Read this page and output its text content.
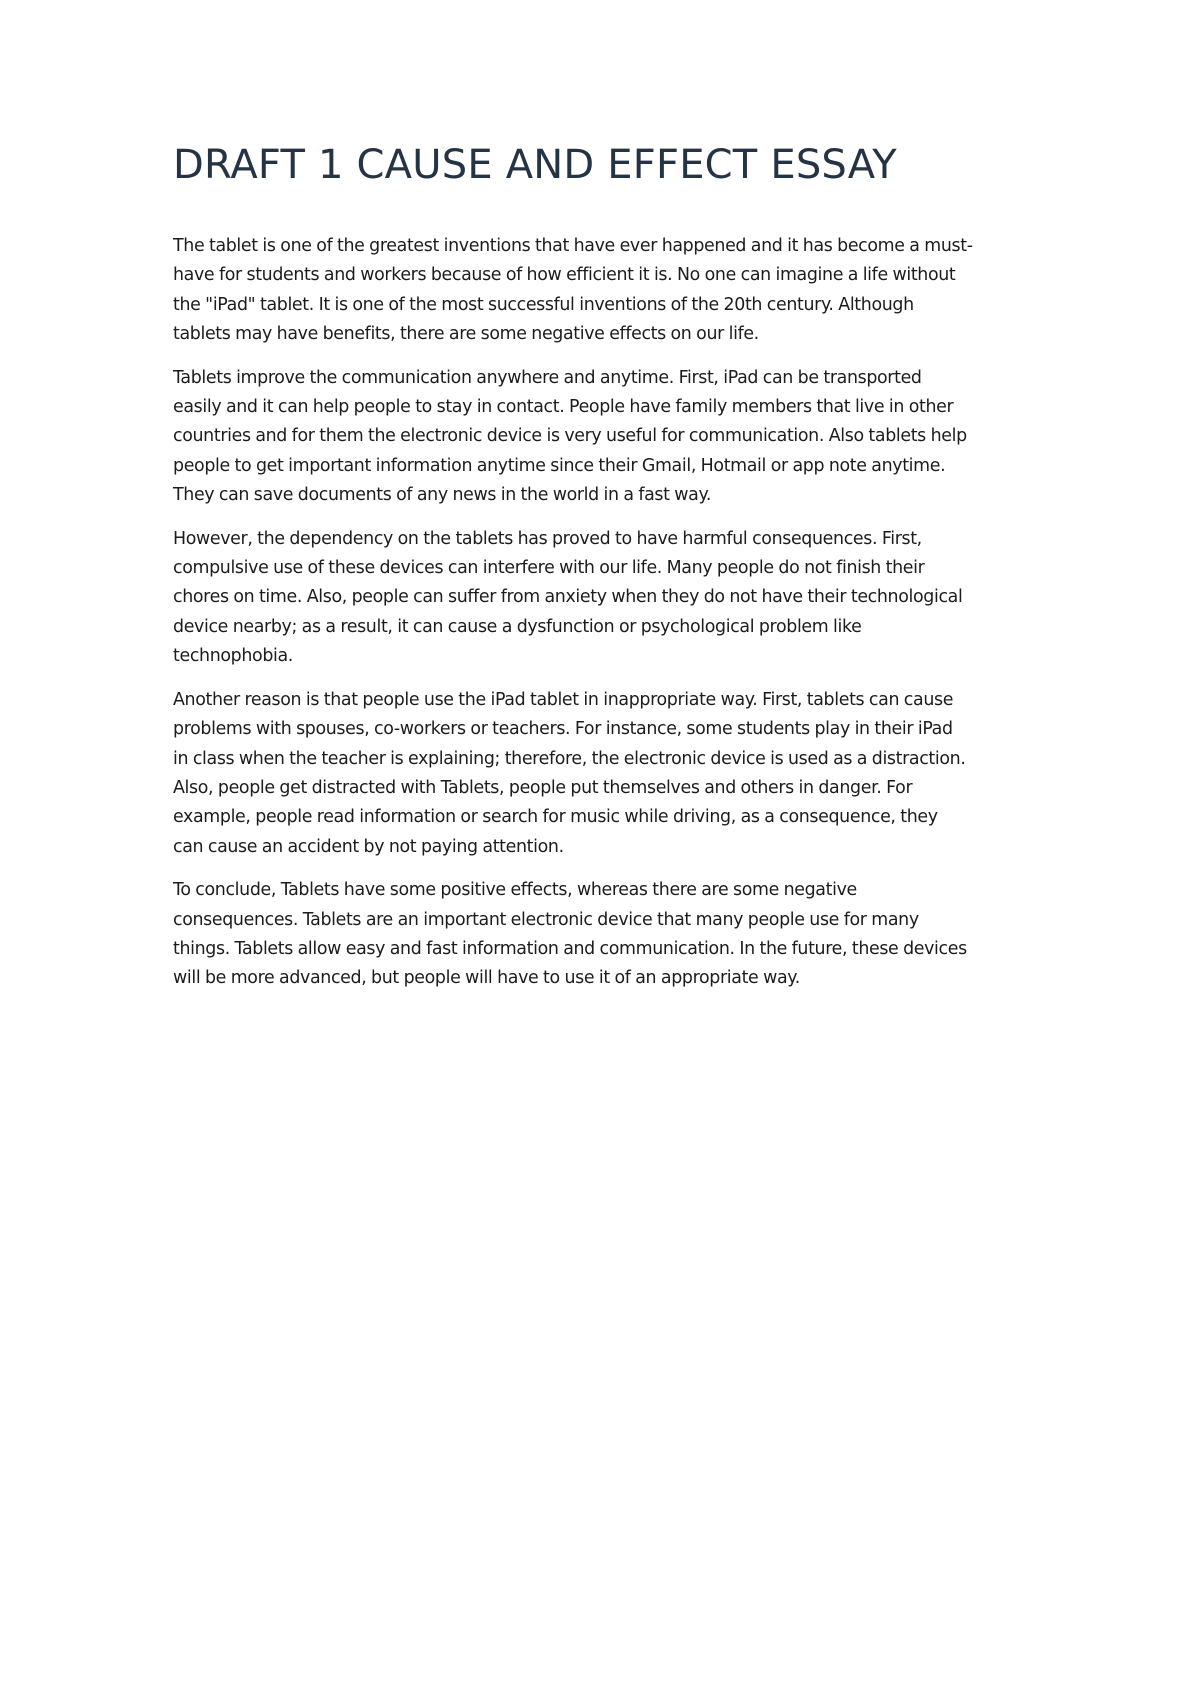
DRAFT 1 CAUSE AND EFFECT ESSAY

The tablet is one of the greatest inventions that have ever happened and it has become a must-
have for students and workers because of how efficient it is. No one can imagine a life without
the "iPad" tablet. It is one of the most successful inventions of the 20th century. Although
tablets may have benefits, there are some negative effects on our life.

Tablets improve the communication anywhere and anytime. First, iPad can be transported
easily and it can help people to stay in contact. People have family members that live in other
countries and for them the electronic device is very useful for communication. Also tablets help
people to get important information anytime since their Gmail, Hotmail or app note anytime.
They can save documents of any news in the world in a fast way.

However, the dependency on the tablets has proved to have harmful consequences. First,
compulsive use of these devices can interfere with our life. Many people do not finish their
chores on time. Also, people can suffer from anxiety when they do not have their technological
device nearby; as a result, it can cause a dysfunction or psychological problem like
technophobia.

Another reason is that people use the iPad tablet in inappropriate way. First, tablets can cause
problems with spouses, co-workers or teachers. For instance, some students play in their iPad
in class when the teacher is explaining; therefore, the electronic device is used as a distraction.
Also, people get distracted with Tablets, people put themselves and others in danger. For
example, people read information or search for music while driving, as a consequence, they
can cause an accident by not paying attention.

To conclude, Tablets have some positive effects, whereas there are some negative
consequences. Tablets are an important electronic device that many people use for many
things. Tablets allow easy and fast information and communication. In the future, these devices
will be more advanced, but people will have to use it of an appropriate way.
